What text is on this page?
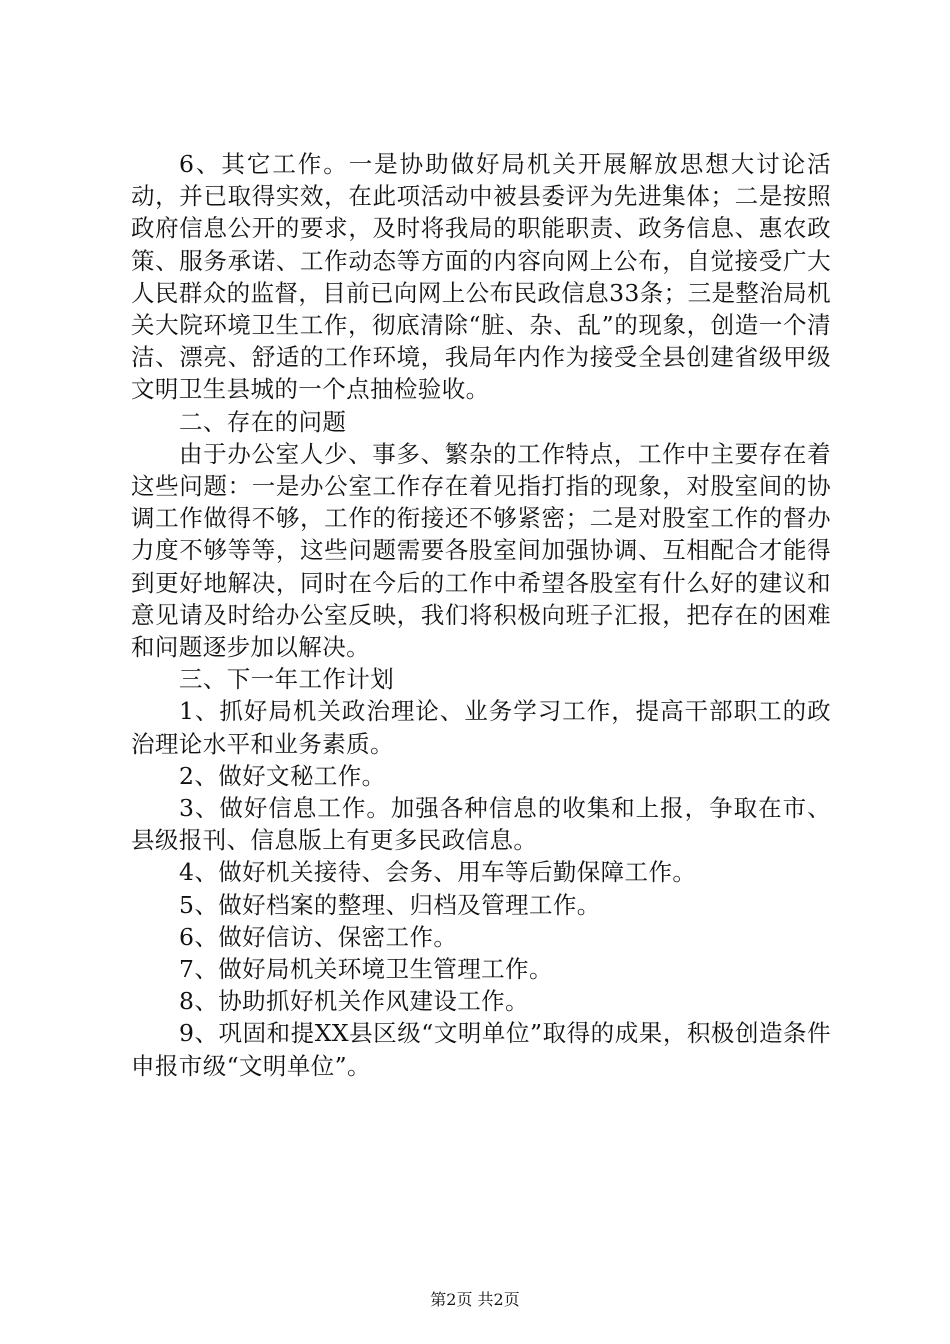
6、其它工作。一是协助做好局机关开展解放思想大讨论活动，并已取得实效，在此项活动中被县委评为先进集体；二是按照政府信息公开的要求，及时将我局的职能职责、政务信息、惠农政策、服务承诺、工作动态等方面的内容向网上公布，自觉接受广大人民群众的监督，目前已向网上公布民政信息33条；三是整治局机关大院环境卫生工作，彻底清除“脏、杂、乱”的现象，创造一个清洁、漂亮、舒适的工作环境，我局年内作为接受全县创建省级甲级文明卫生县城的一个点抽检验收。

二、存在的问题

由于办公室人少、事多、繁杂的工作特点，工作中主要存在着这些问题：一是办公室工作存在着见指打指的现象，对股室间的协调工作做得不够，工作的衔接还不够紧密；二是对股室工作的督办力度不够等等，这些问题需要各股室间加强协调、互相配合才能得到更好地解决，同时在今后的工作中希望各股室有什么好的建议和意见请及时给办公室反映，我们将积极向班子汇报，把存在的困难和问题逐步加以解决。

三、下一年工作计划

1、抓好局机关政治理论、业务学习工作，提高干部职工的政治理论水平和业务素质。

2、做好文秘工作。

3、做好信息工作。加强各种信息的收集和上报，争取在市、县级报刊、信息版上有更多民政信息。

4、做好机关接待、会务、用车等后勤保障工作。

5、做好档案的整理、归档及管理工作。

6、做好信访、保密工作。

7、做好局机关环境卫生管理工作。

8、协助抓好机关作风建设工作。

9、巩固和提XX县区级“文明单位”取得的成果，积极创造条件申报市级“文明单位”。

第2页 共2页
